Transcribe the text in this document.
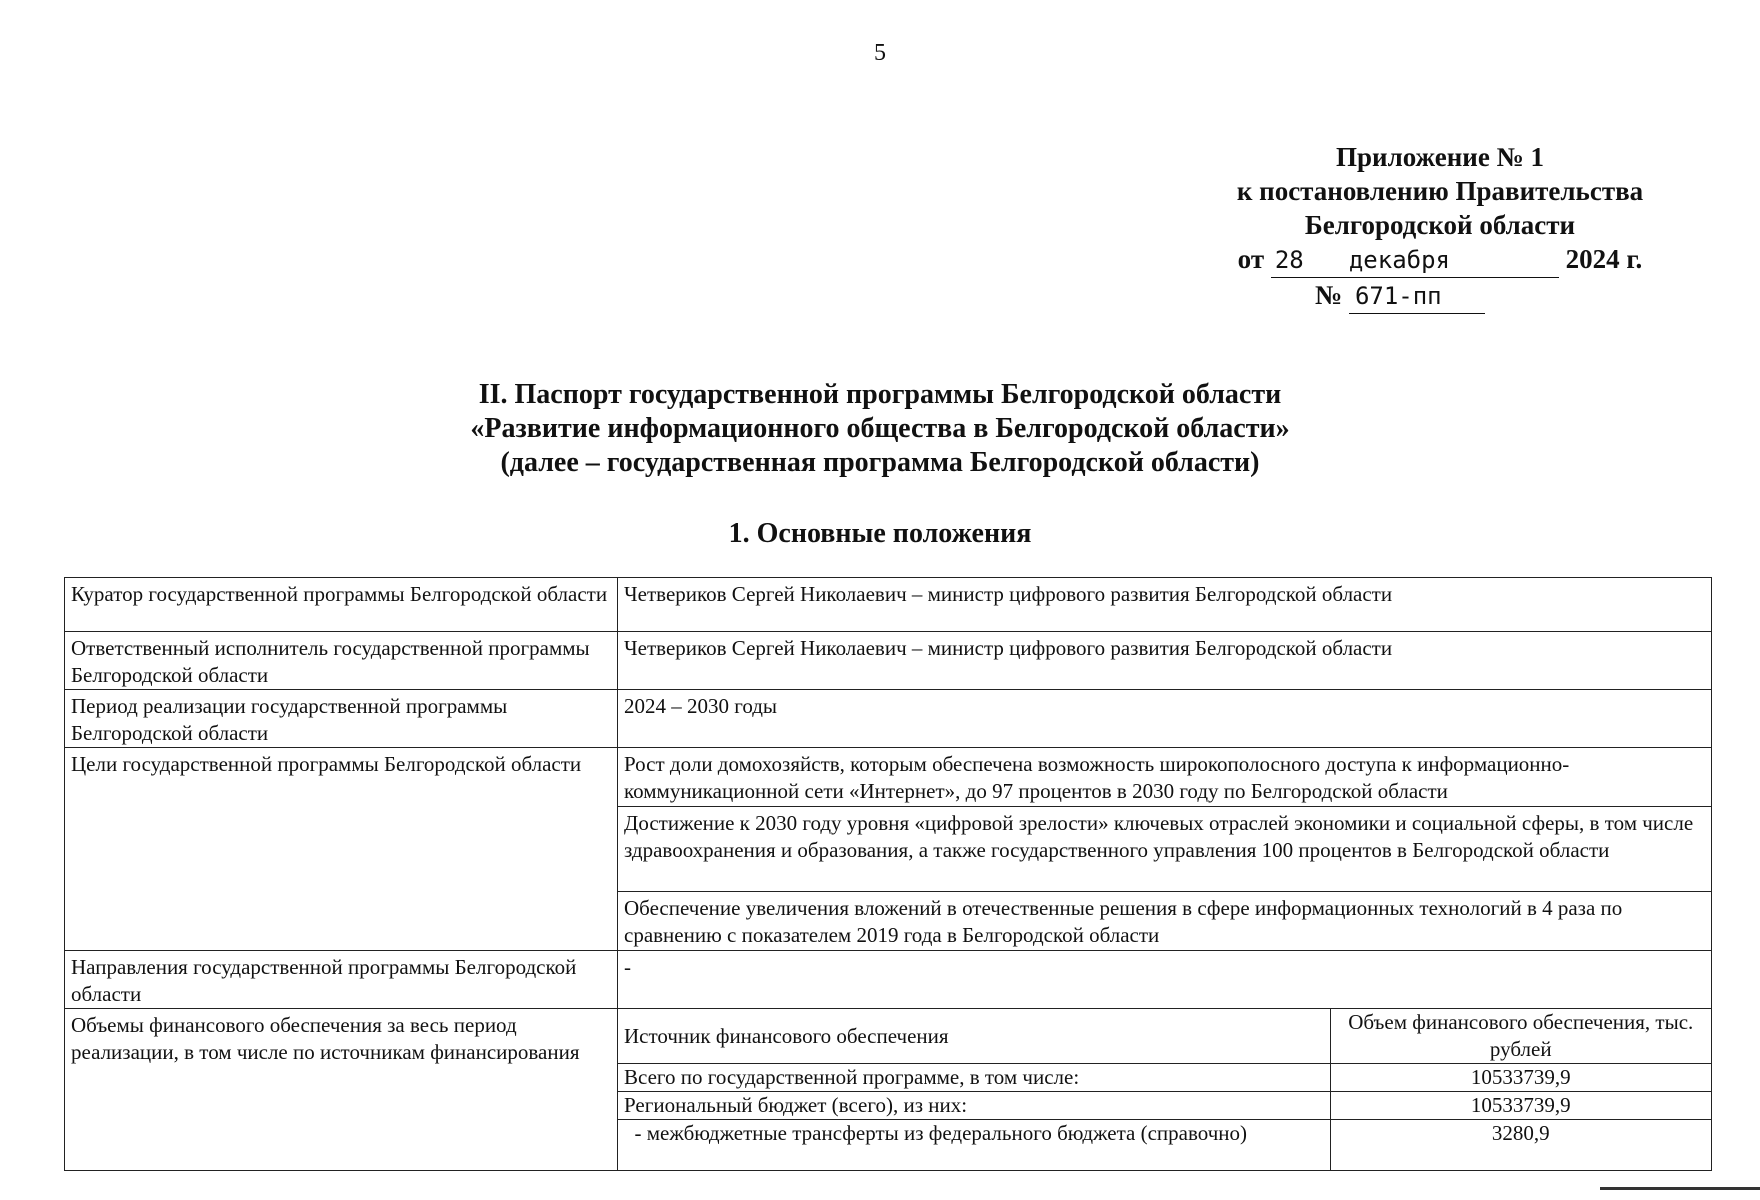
5
Приложение № 1
к постановлению Правительства
Белгородской области
от 28 декабря	2024 г.
№ 671-пп
II. Паспорт государственной программы Белгородской области
«Развитие информационного общества в Белгородской области»
(далее – государственная программа Белгородской области)
1. Основные положения
Куратор государственной программы Белгородской области	Четвериков Сергей Николаевич – министр цифрового развития Белгородской области
Ответственный исполнитель государственной программы Белгородской области	Четвериков Сергей Николаевич – министр цифрового развития Белгородской области
Период реализации государственной программы Белгородской области	2024 – 2030 годы
Цели государственной программы Белгородской области	Рост доли домохозяйств, которым обеспечена возможность широкополосного доступа к информационно-коммуникационной сети «Интернет», до 97 процентов в 2030 году по Белгородской области
Достижение к 2030 году уровня «цифровой зрелости» ключевых отраслей экономики и социальной сферы, в том числе здравоохранения и образования, а также государственного управления 100 процентов в Белгородской области
Обеспечение увеличения вложений в отечественные решения в сфере информационных технологий в 4 раза по сравнению с показателем 2019 года в Белгородской области

Направления государственной программы Белгородской области	-
Объемы финансового обеспечения за весь период реализации, в том числе по источникам финансирования	
Источник финансового обеспечения	Объем финансового обеспечения, тыс. рублей
Всего по государственной программе, в том числе:	10533739,9
Региональный бюджет (всего), из них:	10533739,9
- межбюджетные трансферты из федерального бюджета (справочно)	3280,9
